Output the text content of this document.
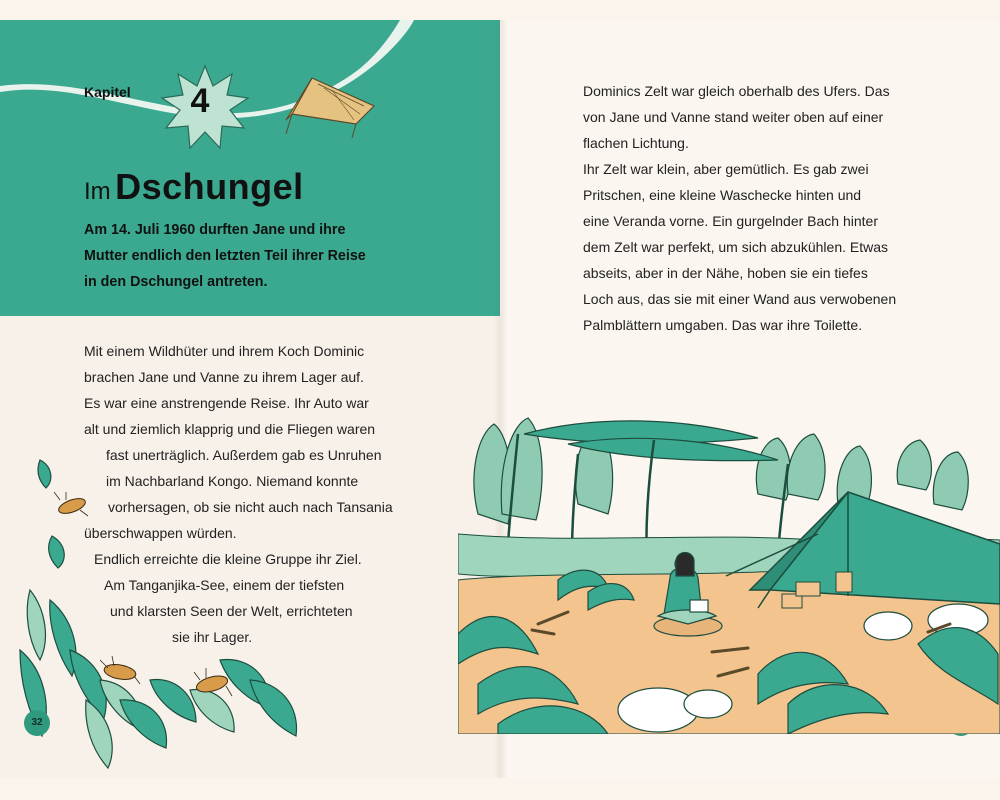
Kapitel 4
Im Dschungel
Am 14. Juli 1960 durften Jane und ihre
Mutter endlich den letzten Teil ihrer Reise
in den Dschungel antreten.
Mit einem Wildhüter und ihrem Koch Dominic
brachen Jane und Vanne zu ihrem Lager auf.
Es war eine anstrengende Reise. Ihr Auto war
alt und ziemlich klapprig und die Fliegen waren
fast unerträglich. Außerdem gab es Unruhen
im Nachbarland Kongo. Niemand konnte
vorhersagen, ob sie nicht auch nach Tansania
überschwappen würden.
Endlich erreichte die kleine Gruppe ihr Ziel.
Am Tanganjika-See, einem der tiefsten
und klarsten Seen der Welt, errichteten
sie ihr Lager.
32
Dominics Zelt war gleich oberhalb des Ufers. Das
von Jane und Vanne stand weiter oben auf einer
flachen Lichtung.
Ihr Zelt war klein, aber gemütlich. Es gab zwei
Pritschen, eine kleine Waschecke hinten und
eine Veranda vorne. Ein gurgelnder Bach hinter
dem Zelt war perfekt, um sich abzukühlen. Etwas
abseits, aber in der Nähe, hoben sie ein tiefes
Loch aus, das sie mit einer Wand aus verwobenen
Palmblättern umgaben. Das war ihre Toilette.
